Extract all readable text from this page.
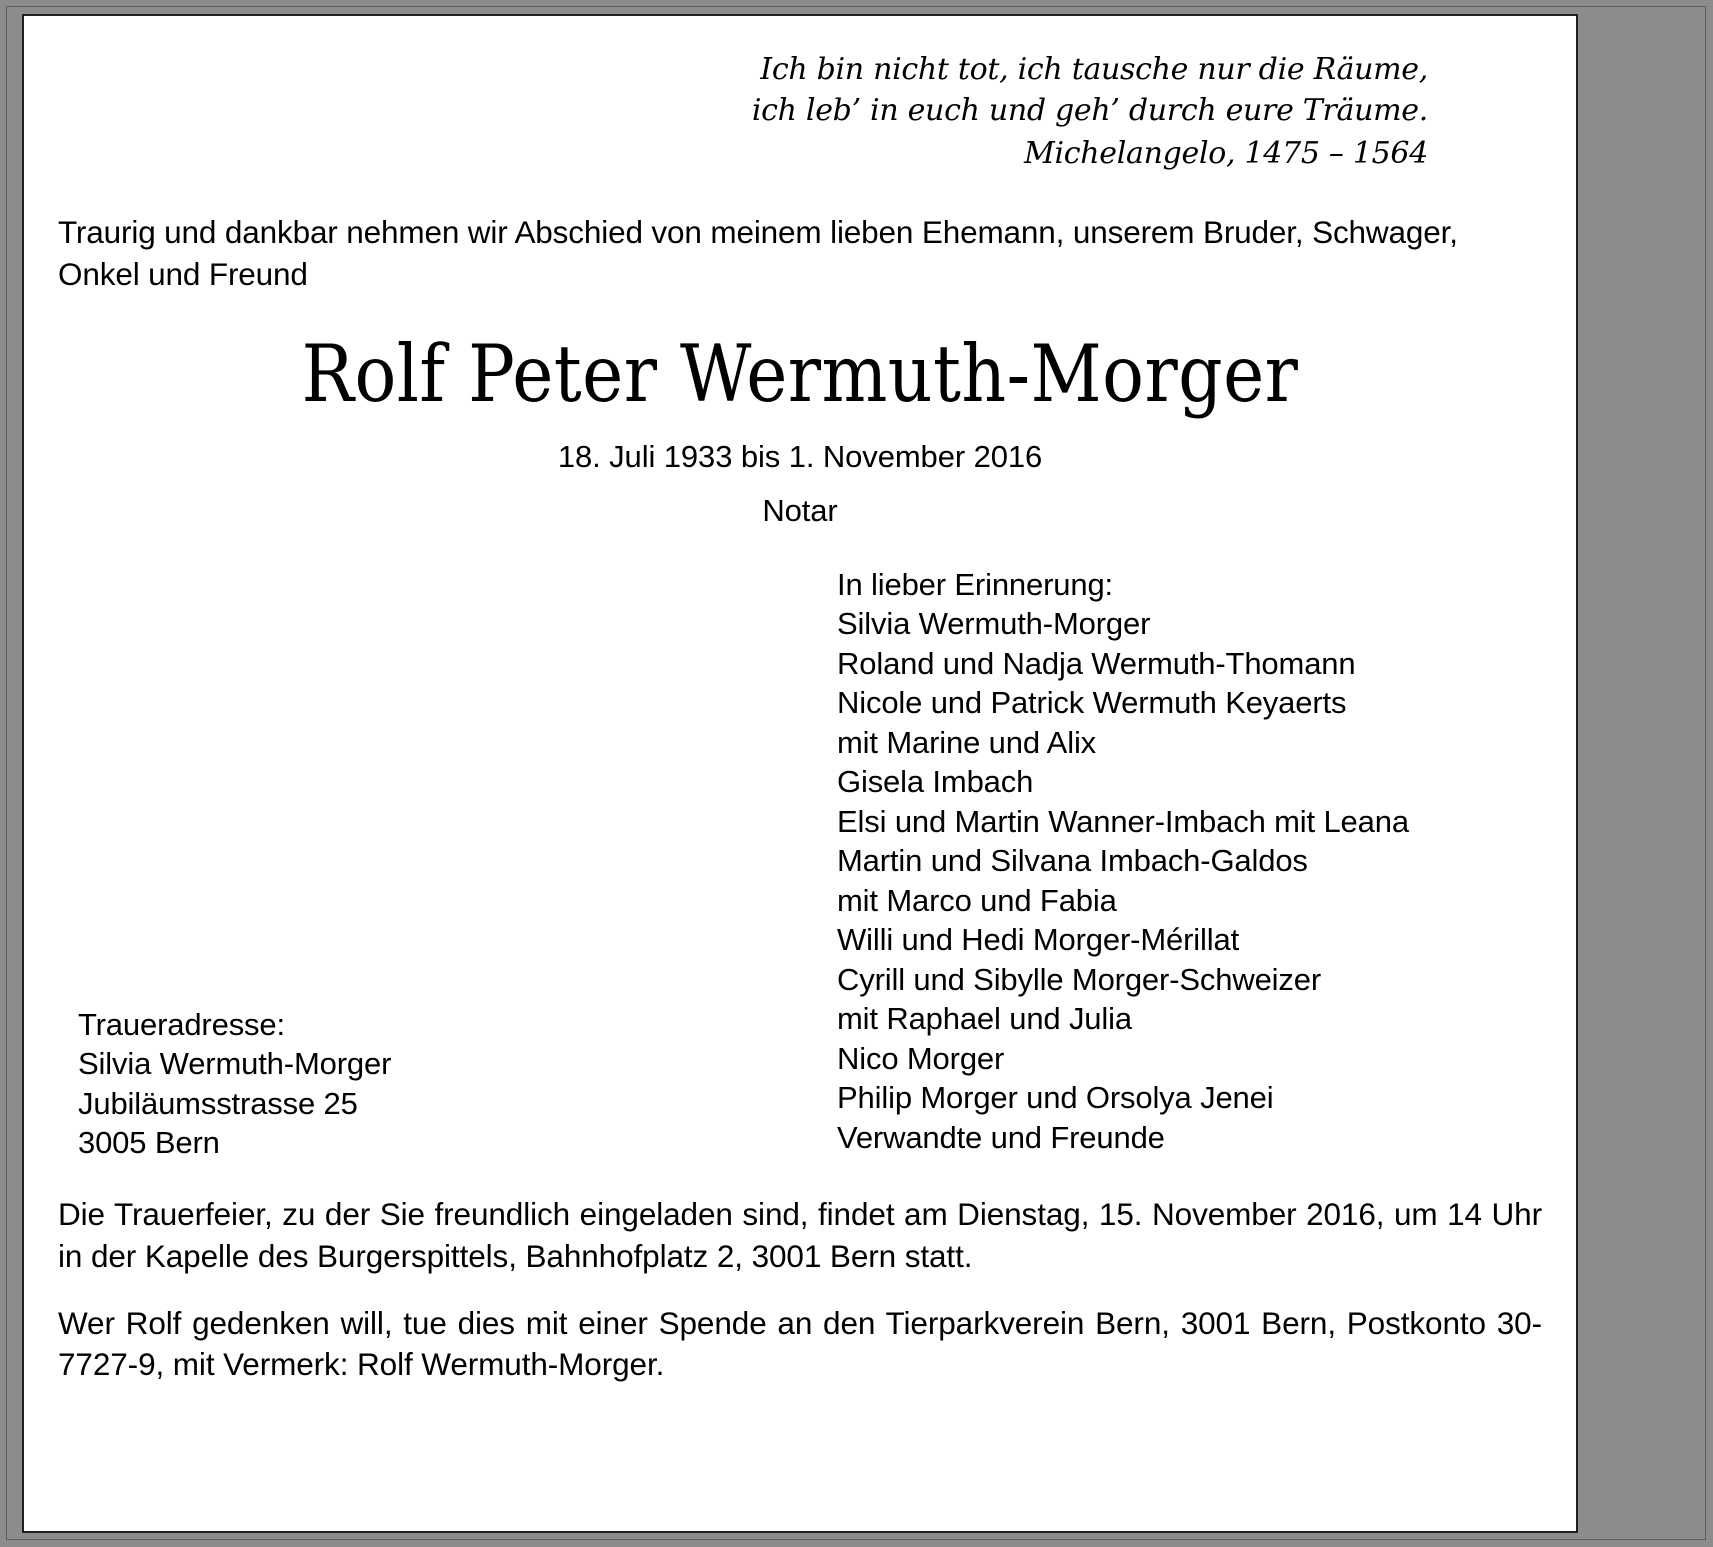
Ich bin nicht tot, ich tausche nur die Räume,
ich leb’ in euch und geh’ durch eure Träume.
Michelangelo, 1475 – 1564
Traurig und dankbar nehmen wir Abschied von meinem lieben Ehemann, unserem Bruder, Schwager, Onkel und Freund
Rolf Peter Wermuth-Morger
18. Juli 1933 bis 1. November 2016
Notar
In lieber Erinnerung:
Silvia Wermuth-Morger
Roland und Nadja Wermuth-Thomann
Nicole und Patrick Wermuth Keyaerts
mit Marine und Alix
Gisela Imbach
Elsi und Martin Wanner-Imbach mit Leana
Martin und Silvana Imbach-Galdos
mit Marco und Fabia
Willi und Hedi Morger-Mérillat
Cyrill und Sibylle Morger-Schweizer
mit Raphael und Julia
Nico Morger
Philip Morger und Orsolya Jenei
Verwandte und Freunde
Traueradresse:
Silvia Wermuth-Morger
Jubiläumsstrasse 25
3005 Bern
Die Trauerfeier, zu der Sie freundlich eingeladen sind, findet am Dienstag, 15. November 2016, um 14 Uhr in der Kapelle des Burgerspittels, Bahnhofplatz 2, 3001 Bern statt.
Wer Rolf gedenken will, tue dies mit einer Spende an den Tierparkverein Bern, 3001 Bern, Postkonto 30-7727-9, mit Vermerk: Rolf Wermuth-Morger.
